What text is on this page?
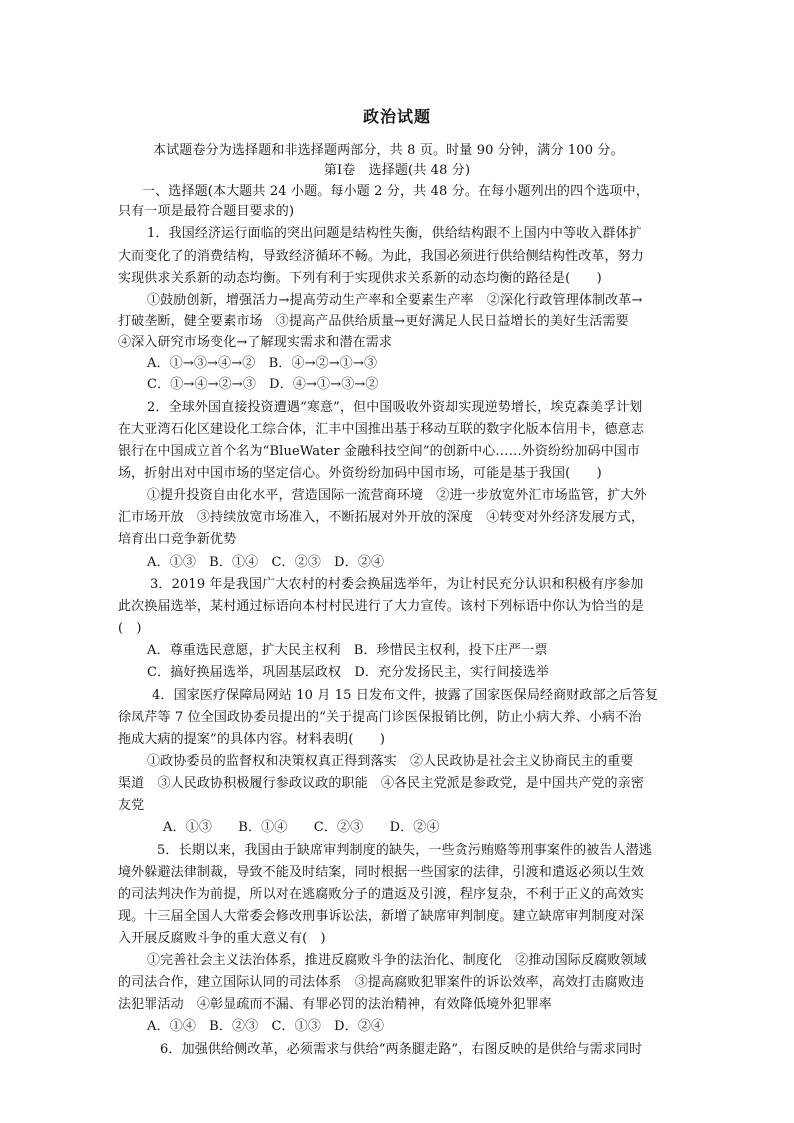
政治试题
本试题卷分为选择题和非选择题两部分，共 8 页。时量 90 分钟，满分 100 分。
第Ⅰ卷　选择题(共 48 分)
一、选择题(本大题共 24 小题。每小题 2 分，共 48 分。在每小题列出的四个选项中，
只有一项是最符合题目要求的)
1．我国经济运行面临的突出问题是结构性失衡，供给结构跟不上国内中等收入群体扩
大而变化了的消费结构，导致经济循环不畅。为此，我国必须进行供给侧结构性改革，努力
实现供求关系新的动态均衡。下列有利于实现供求关系新的动态均衡的路径是(　　)
①鼓励创新，增强活力→提高劳动生产率和全要素生产率　②深化行政管理体制改革→
打破垄断，健全要素市场　③提高产品供给质量→更好满足人民日益增长的美好生活需要
④深入研究市场变化→了解现实需求和潜在需求
A．①→③→④→②　B．④→②→①→③
C．①→④→②→③　D．④→①→③→②
2．全球外国直接投资遭遇“寒意”，但中国吸收外资却实现逆势增长，埃克森美孚计划
在大亚湾石化区建设化工综合体，汇丰中国推出基于移动互联的数字化版本信用卡，德意志
银行在中国成立首个名为“BlueWater 金融科技空间”的创新中心……外资纷纷加码中国市
场，折射出对中国市场的坚定信心。外资纷纷加码中国市场，可能是基于我国(　　)
①提升投资自由化水平，营造国际一流营商环境　②进一步放宽外汇市场监管，扩大外
汇市场开放　③持续放宽市场准入，不断拓展对外开放的深度　④转变对外经济发展方式，
培育出口竞争新优势
A．①③　B．①④　C．②③　D．②④
3．2019 年是我国广大农村的村委会换届选举年，为让村民充分认识和积极有序参加
此次换届选举，某村通过标语向本村村民进行了大力宣传。该村下列标语中你认为恰当的是
(　)
A．尊重选民意愿，扩大民主权利　B．珍惜民主权利，投下庄严一票
C．搞好换届选举，巩固基层政权　D．充分发扬民主，实行间接选举
4．国家医疗保障局网站 10 月 15 日发布文件，披露了国家医保局经商财政部之后答复
徐凤芹等 7 位全国政协委员提出的“关于提高门诊医保报销比例，防止小病大养、小病不治
拖成大病的提案”的具体内容。材料表明(　　)
①政协委员的监督权和决策权真正得到落实　②人民政协是社会主义协商民主的重要
渠道　③人民政协积极履行参政议政的职能　④各民主党派是参政党，是中国共产党的亲密
友党
A．①③　　B．①④　　C．②③　　D．②④
5．长期以来，我国由于缺席审判制度的缺失，一些贪污贿赂等刑事案件的被告人潜逃
境外躲避法律制裁，导致不能及时结案，同时根据一些国家的法律，引渡和遣返必须以生效
的司法判决作为前提，所以对在逃腐败分子的遣返及引渡，程序复杂，不利于正义的高效实
现。十三届全国人大常委会修改刑事诉讼法，新增了缺席审判制度。建立缺席审判制度对深
入开展反腐败斗争的重大意义有(　)
①完善社会主义法治体系，推进反腐败斗争的法治化、制度化　②推动国际反腐败领域
的司法合作，建立国际认同的司法体系　③提高腐败犯罪案件的诉讼效率，高效打击腐败违
法犯罪活动　④彰显疏而不漏、有罪必罚的法治精神，有效降低境外犯罪率
A．①④　B．②③　C．①③　D．②④
6．加强供给侧改革，必须需求与供给“两条腿走路”，右图反映的是供给与需求同时
